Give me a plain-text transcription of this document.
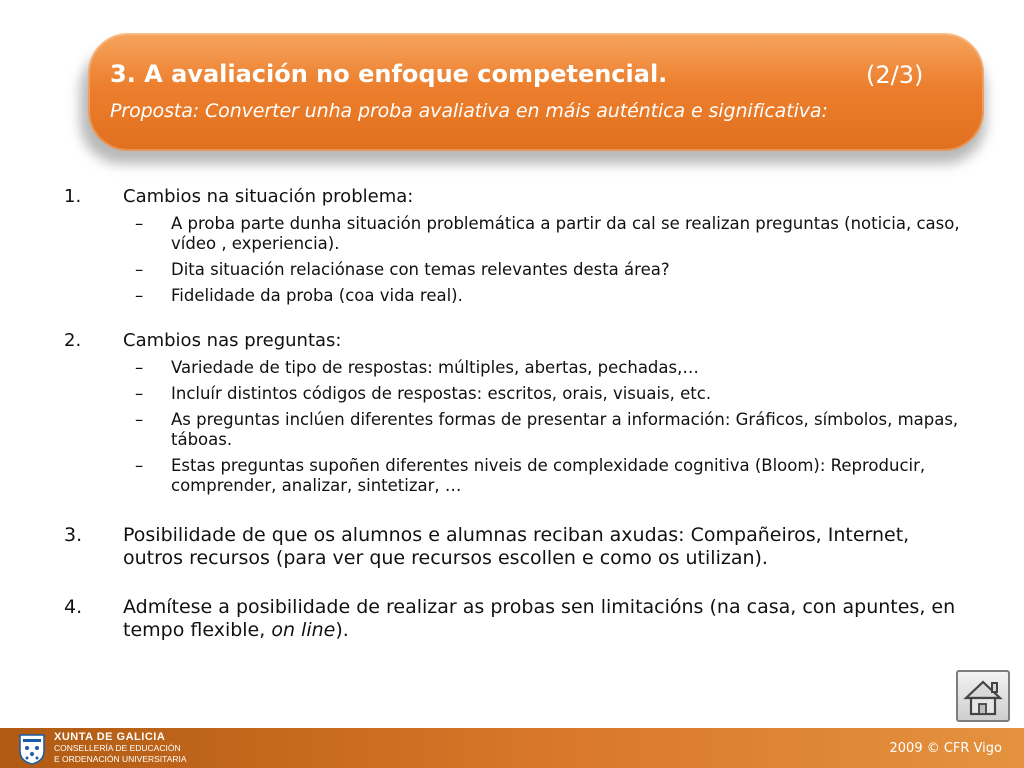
3. A avaliación no enfoque competencial.	(2/3)
Proposta: Converter unha proba avaliativa en máis auténtica e significativa:
1. Cambios na situación problema:
– A proba parte dunha situación problemática a partir da cal se realizan preguntas (noticia, caso, vídeo , experiencia).
– Dita situación relaciónase con temas relevantes desta área?
– Fidelidade da proba (coa vida real).
2. Cambios nas preguntas:
– Variedade de tipo de respostas: múltiples, abertas, pechadas,…
– Incluír distintos códigos de respostas: escritos, orais, visuais, etc.
– As preguntas inclúen diferentes formas de presentar a información: Gráficos, símbolos, mapas, táboas.
– Estas preguntas supoñen diferentes niveis de complexidade cognitiva (Bloom): Reproducir, comprender, analizar, sintetizar, …
3. Posibilidade de que os alumnos e alumnas reciban axudas: Compañeiros, Internet, outros recursos (para ver que recursos escollen e como os utilizan).
4. Admítese a posibilidade de realizar as probas sen limitacións (na casa, con apuntes, en tempo flexible, on line).
XUNTA DE GALICIA
CONSELLERÍA DE EDUCACIÓN
E ORDENACIÓN UNIVERSITARIA
2009 © CFR Vigo
